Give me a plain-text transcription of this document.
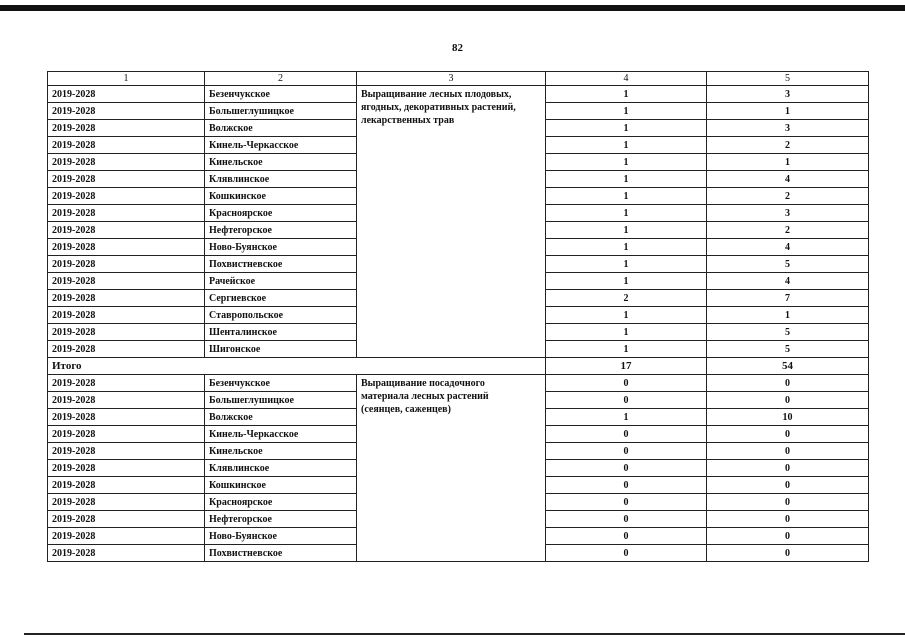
82
1	2	3	4	5
2019-2028	Безенчукское	Выращивание лесных плодовых,
ягодных, декоративных растений,
лекарственных трав	1	3
2019-2028	Большеглушицкое		1	1
2019-2028	Волжское		1	3
2019-2028	Кинель-Черкасское		1	2
2019-2028	Кинельское		1	1
2019-2028	Клявлинское		1	4
2019-2028	Кошкинское		1	2
2019-2028	Красноярское		1	3
2019-2028	Нефтегорское		1	2
2019-2028	Ново-Буянское		1	4
2019-2028	Похвистневское		1	5
2019-2028	Рачейское		1	4
2019-2028	Сергиевское		2	7
2019-2028	Ставропольское		1	1
2019-2028	Шенталинское		1	5
2019-2028	Шигонское		1	5
Итого			17	54
2019-2028	Безенчукское	Выращивание посадочного
материала лесных растений
(сеянцев, саженцев)	0	0
2019-2028	Большеглушицкое		0	0
2019-2028	Волжское		1	10
2019-2028	Кинель-Черкасское		0	0
2019-2028	Кинельское		0	0
2019-2028	Клявлинское		0	0
2019-2028	Кошкинское		0	0
2019-2028	Красноярское		0	0
2019-2028	Нефтегорское		0	0
2019-2028	Ново-Буянское		0	0
2019-2028	Похвистневское		0	0
